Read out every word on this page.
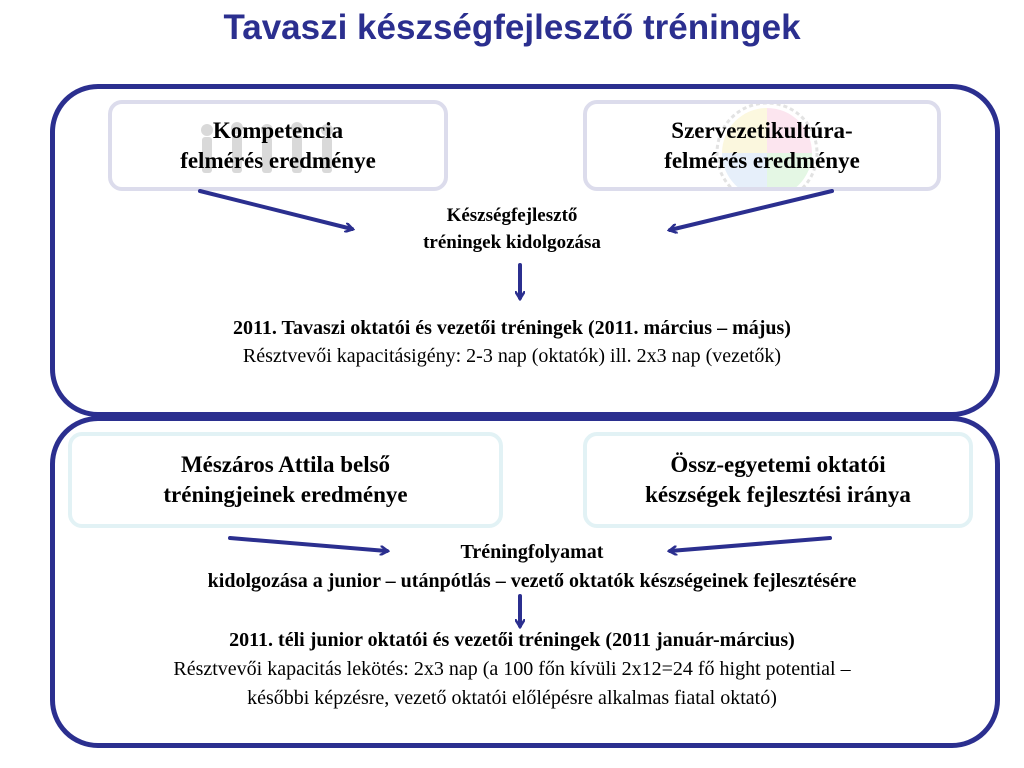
Tavaszi készségfejlesztő tréningek
Kompetencia
felmérés eredménye
Szervezetikultúra-
felmérés eredménye
Készségfejlesztő
tréningek kidolgozása
2011. Tavaszi oktatói és vezetői tréningek (2011. március – május)
Résztvevői kapacitásigény: 2-3 nap (oktatók) ill. 2x3 nap (vezetők)
Mészáros Attila belső
tréningjeinek eredménye
Össz-egyetemi oktatói
készségek fejlesztési iránya
Tréningfolyamat
kidolgozása a junior – utánpótlás – vezető oktatók készségeinek fejlesztésére
2011. téli junior oktatói és vezetői tréningek (2011 január-március)
Résztvevői kapacitás lekötés: 2x3 nap (a 100 főn kívüli 2x12=24 fő hight potential –
későbbi képzésre, vezető oktatói előlépésre alkalmas fiatal oktató)
